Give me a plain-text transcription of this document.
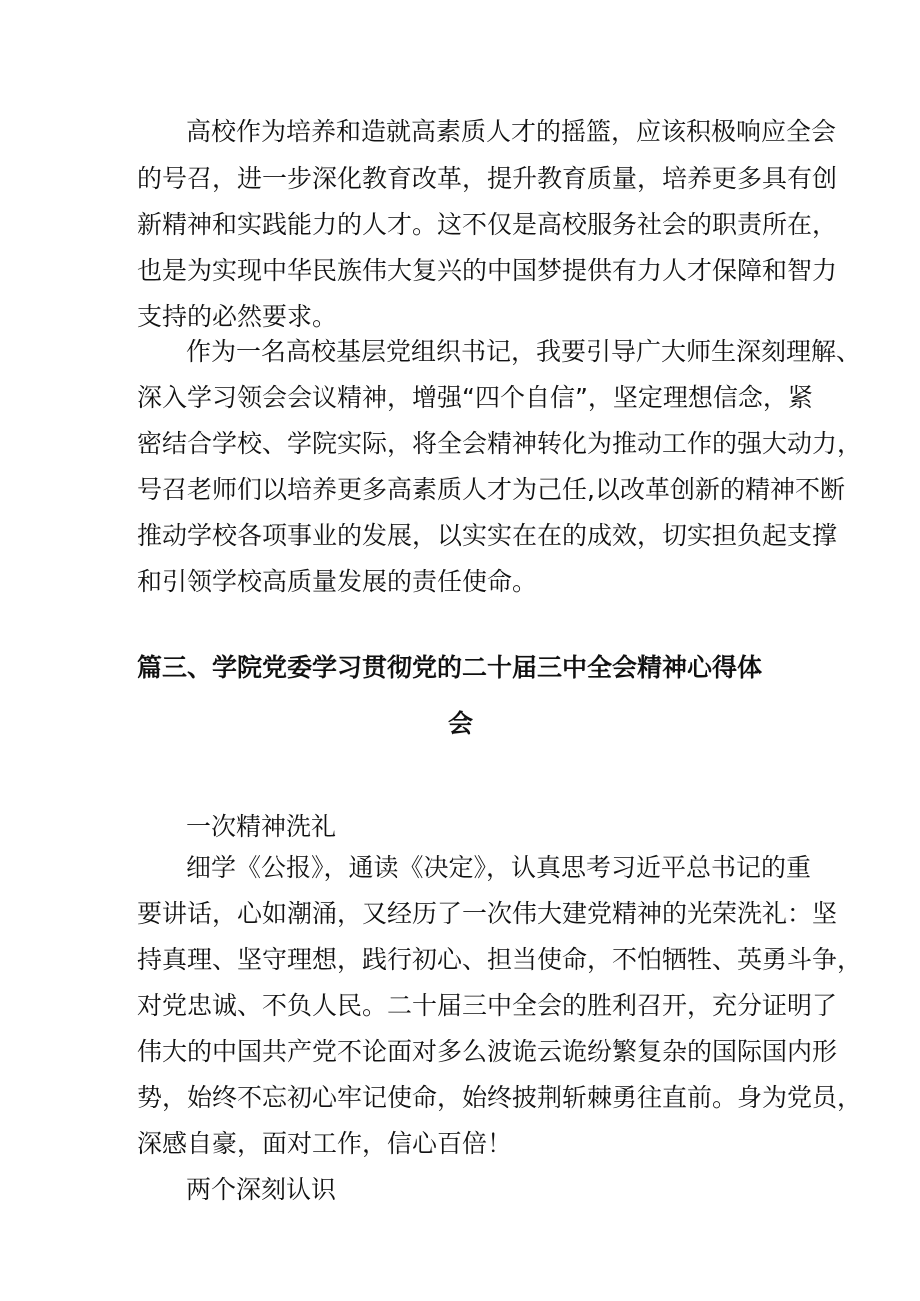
高校作为培养和造就高素质人才的摇篮，应该积极响应全会

的号召，进一步深化教育改革，提升教育质量，培养更多具有创

新精神和实践能力的人才。这不仅是高校服务社会的职责所在，

也是为实现中华民族伟大复兴的中国梦提供有力人才保障和智力

支持的必然要求。

作为一名高校基层党组织书记，我要引导广大师生深刻理解、

深入学习领会会议精神，增强“四个自信”，坚定理想信念，紧

密结合学校、学院实际，将全会精神转化为推动工作的强大动力，

号召老师们以培养更多高素质人才为己任,以改革创新的精神不断

推动学校各项事业的发展，以实实在在的成效，切实担负起支撑

和引领学校高质量发展的责任使命。

篇三、学院党委学习贯彻党的二十届三中全会精神心得体

会

一次精神洗礼

细学《公报》，通读《决定》，认真思考习近平总书记的重

要讲话，心如潮涌，又经历了一次伟大建党精神的光荣洗礼：坚

持真理、坚守理想，践行初心、担当使命，不怕牺牲、英勇斗争，

对党忠诚、不负人民。二十届三中全会的胜利召开，充分证明了

伟大的中国共产党不论面对多么波诡云诡纷繁复杂的国际国内形

势，始终不忘初心牢记使命，始终披荆斩棘勇往直前。身为党员，

深感自豪，面对工作，信心百倍！

两个深刻认识
